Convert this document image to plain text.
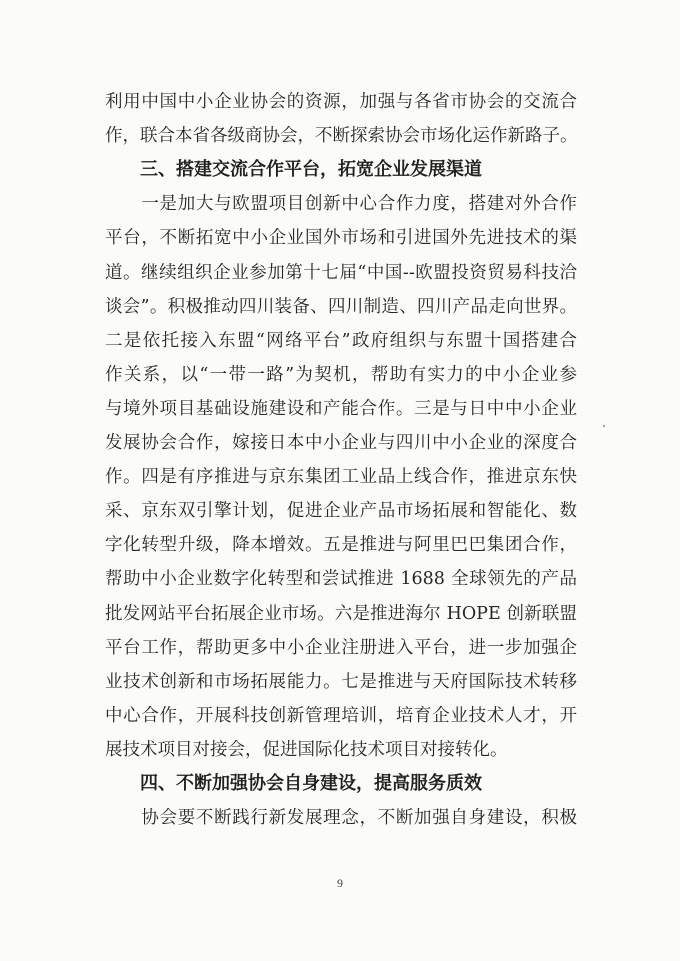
利用中国中小企业协会的资源，加强与各省市协会的交流合
作，联合本省各级商协会，不断探索协会市场化运作新路子。
三、搭建交流合作平台，拓宽企业发展渠道
　　一是加大与欧盟项目创新中心合作力度，搭建对外合作
平台，不断拓宽中小企业国外市场和引进国外先进技术的渠
道。继续组织企业参加第十七届“中国--欧盟投资贸易科技洽
谈会”。积极推动四川装备、四川制造、四川产品走向世界。
二是依托接入东盟“网络平台”政府组织与东盟十国搭建合
作关系，以“一带一路”为契机，帮助有实力的中小企业参
与境外项目基础设施建设和产能合作。三是与日中中小企业
发展协会合作，嫁接日本中小企业与四川中小企业的深度合
作。四是有序推进与京东集团工业品上线合作，推进京东快
采、京东双引擎计划，促进企业产品市场拓展和智能化、数
字化转型升级，降本增效。五是推进与阿里巴巴集团合作，
帮助中小企业数字化转型和尝试推进 1688 全球领先的产品
批发网站平台拓展企业市场。六是推进海尔 HOPE 创新联盟
平台工作，帮助更多中小企业注册进入平台，进一步加强企
业技术创新和市场拓展能力。七是推进与天府国际技术转移
中心合作，开展科技创新管理培训，培育企业技术人才，开
展技术项目对接会，促进国际化技术项目对接转化。
四、不断加强协会自身建设，提高服务质效
　　协会要不断践行新发展理念，不断加强自身建设，积极
9
